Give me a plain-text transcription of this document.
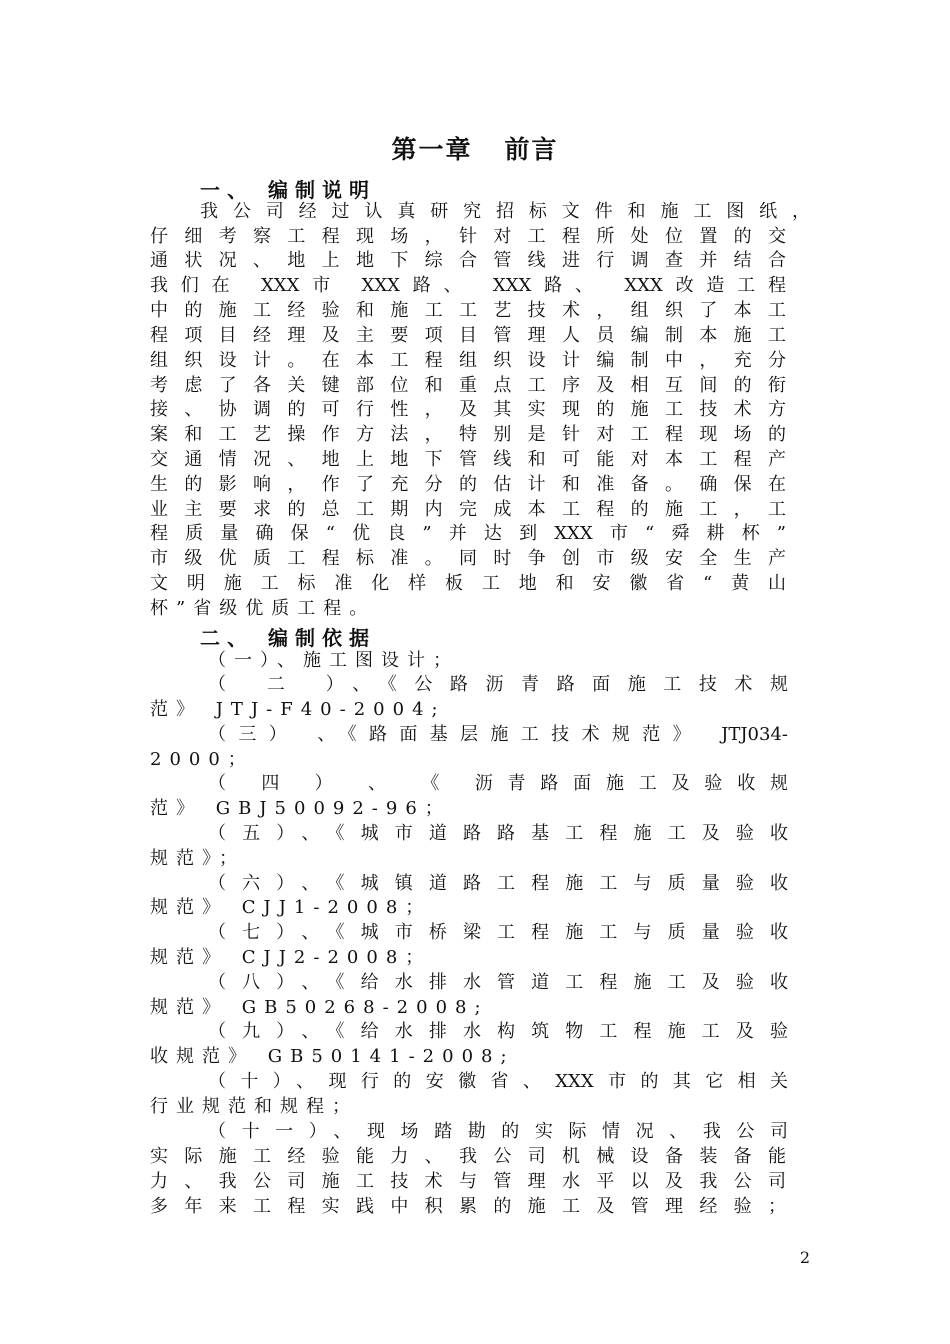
第一章   前言
一、 编制说明

我公司经过认真研究招标文件和施工图纸，

仔细考察工程现场，针对工程所处位置的交

通状况、地上地下综合管线进行调查并结合

我们在 XXX市 XXX路、 XXX路、 XXX改造工程

中的施工经验和施工工艺技术，组织了本工

程项目经理及主要项目管理人员编制本施工

组织设计。在本工程组织设计编制中，充分

考虑了各关键部位和重点工序及相互间的衔

接、协调的可行性，及其实现的施工技术方

案和工艺操作方法，特别是针对工程现场的

交通情况、地上地下管线和可能对本工程产

生的影响，作了充分的估计和准备。确保在

业主要求的总工期内完成本工程的施工，工

程质量确保“优良”并达到XXX市“舜耕杯”

市级优质工程标准。同时争创市级安全生产

文明施工标准化样板工地和安徽省“黄山

杯”省级优质工程。

二、 编制依据

（一）、施工图设计；

（ 二 ）、《公路沥青路面施工技术规

范》 JTJ-F40-2004;

（三） 、《路面基层施工技术规范》 JTJ034-

2000；

（ 四 ） 、 《 沥青路面施工及验收规

范》 GBJ50092-96；

（五）、《城市道路路基工程施工及验收

规范》；

（六）、《城镇道路工程施工与质量验收

规范》 CJJ1-2008；

（七）、《城市桥梁工程施工与质量验收

规范》 CJJ2-2008；

（八）、《给水排水管道工程施工及验收

规范》 GB50268-2008;

（九）、《给水排水构筑物工程施工及验

收规范》 GB50141-2008;

（十）、现行的安徽省、XXX市的其它相关

行业规范和规程；

（十一）、现场踏勘的实际情况、我公司

实际施工经验能力、我公司机械设备装备能

力、我公司施工技术与管理水平以及我公司

多年来工程实践中积累的施工及管理经验；

2
